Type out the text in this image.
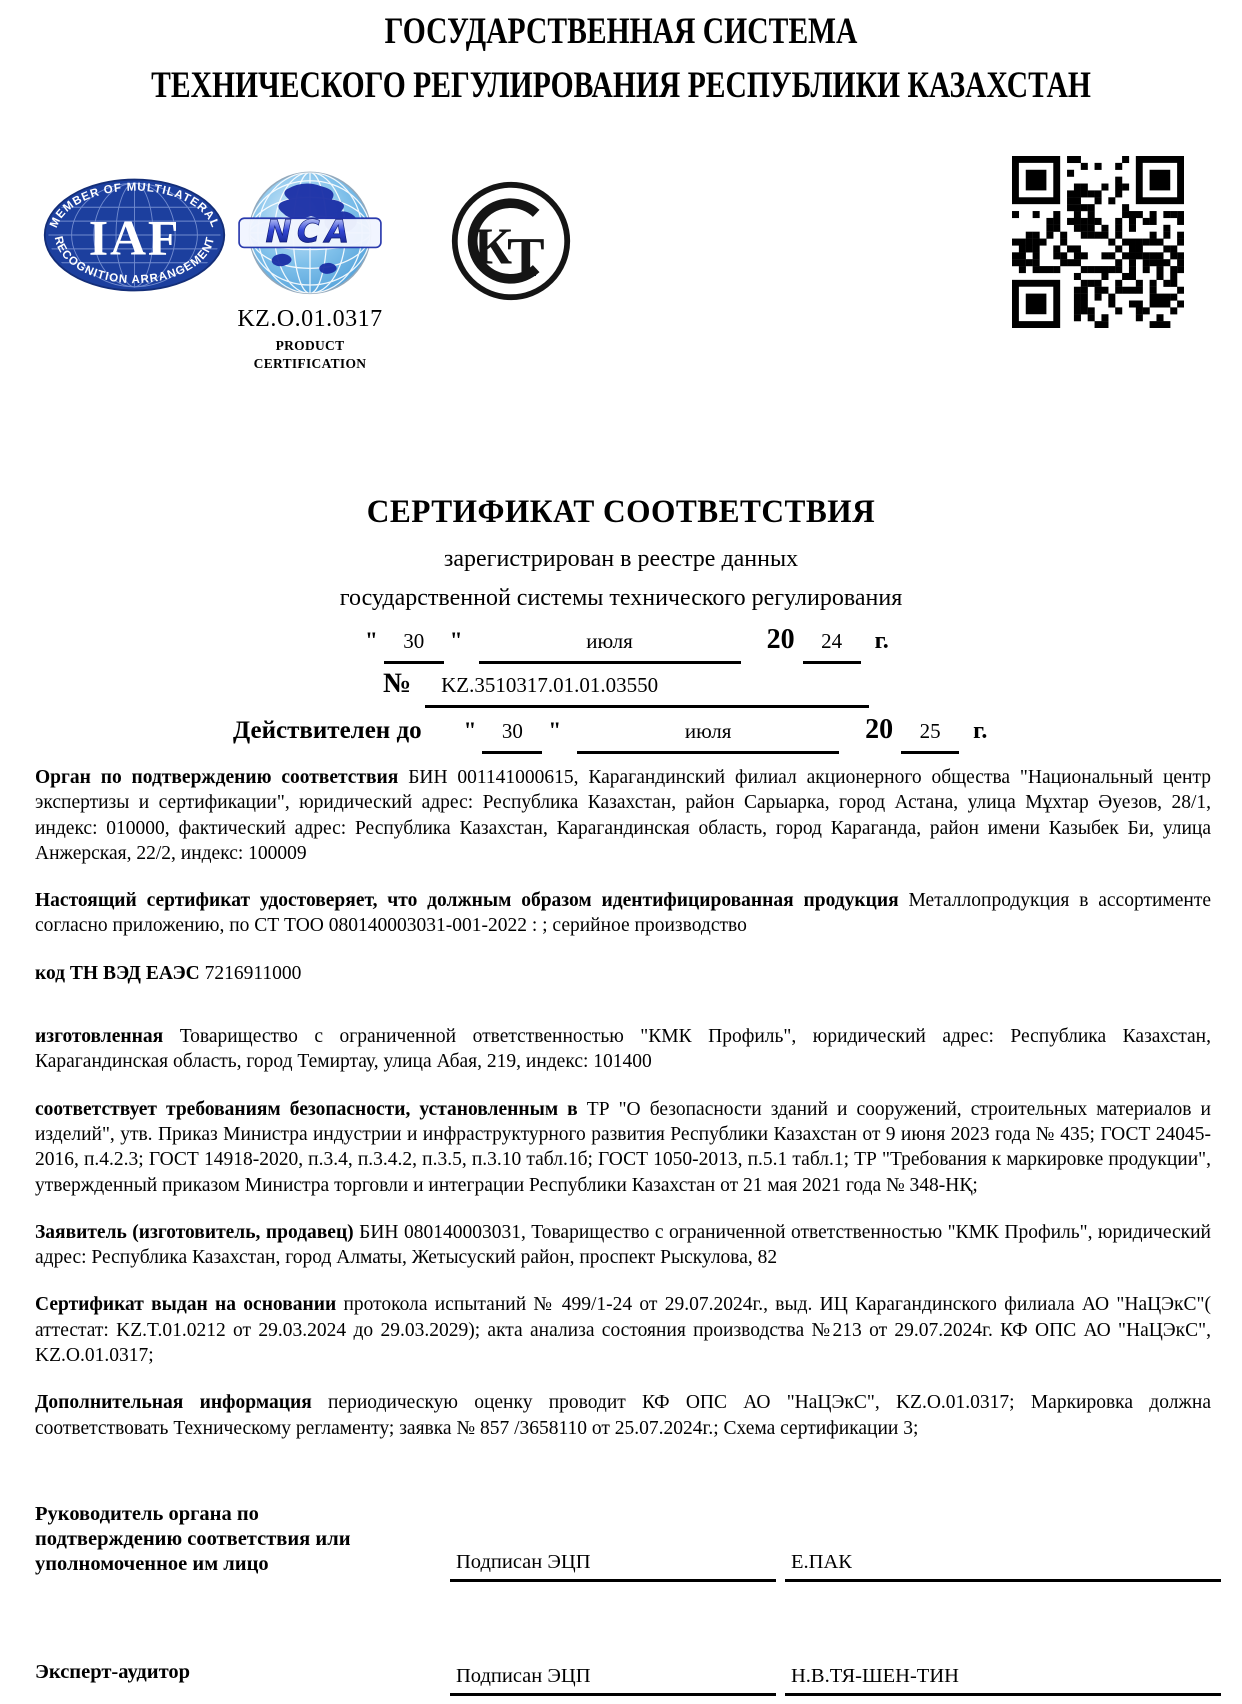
ГОСУДАРСТВЕННАЯ СИСТЕМА
ТЕХНИЧЕСКОГО РЕГУЛИРОВАНИЯ РЕСПУБЛИКИ КАЗАХСТАН
IAF
MEMBER OF MULTILATERAL
RECOGNITION ARRANGEMENT NCA
KZ.O.01.0317
PRODUCT
CERTIFICATION
К
Т
СЕРТИФИКАТ СООТВЕТСТВИЯ
зарегистрирован в реестре данных
государственной системы технического регулирования
"	30	"	июля	20	24	г.
№	KZ.3510317.01.01.03550
Действителен до "	30	"	июля	20	25	г.

Орган по подтверждению соответствия БИН 001141000615, Карагандинский филиал акционерного общества "Национальный центр экспертизы и сертификации", юридический адрес: Республика Казахстан, район Сарыарка, город Астана, улица Мұхтар Әуезов, 28/1, индекс: 010000, фактический адрес: Республика Казахстан, Карагандинская область, город Караганда, район имени Казыбек Би, улица Анжерская, 22/2, индекс: 100009

Настоящий сертификат удостоверяет, что должным образом идентифицированная продукция Металлопродукция в ассортименте согласно приложению, по СТ ТОО 080140003031-001-2022 : ; серийное производство

код ТН ВЭД ЕАЭС 7216911000

изготовленная Товарищество с ограниченной ответственностью "КМК Профиль", юридический адрес: Республика Казахстан, Карагандинская область, город Темиртау, улица Абая, 219, индекс: 101400

соответствует требованиям безопасности, установленным в ТР "О безопасности зданий и сооружений, строительных материалов и изделий", утв. Приказ Министра индустрии и инфраструктурного развития Республики Казахстан от 9 июня 2023 года № 435; ГОСТ 24045-2016, п.4.2.3; ГОСТ 14918-2020, п.3.4, п.3.4.2, п.3.5, п.3.10 табл.1б; ГОСТ 1050-2013, п.5.1 табл.1; ТР "Требования к маркировке продукции", утвержденный приказом Министра торговли и интеграции Республики Казахстан от 21 мая 2021 года № 348-НҚ;

Заявитель (изготовитель, продавец) БИН 080140003031, Товарищество с ограниченной ответственностью "КМК Профиль", юридический адрес: Республика Казахстан, город Алматы, Жетысуский район, проспект Рыскулова, 82

Сертификат выдан на основании протокола испытаний № 499/1-24 от 29.07.2024г., выд. ИЦ Карагандинского филиала АО "НаЦЭкС"( аттестат: KZ.T.01.0212 от 29.03.2024 до 29.03.2029); акта анализа состояния производства №213 от 29.07.2024г. КФ ОПС АО "НаЦЭкС", KZ.O.01.0317;

Дополнительная информация периодическую оценку проводит КФ ОПС АО "НаЦЭкС", KZ.O.01.0317; Маркировка должна соответствовать Техническому регламенту; заявка № 857 /3658110 от 25.07.2024г.; Схема сертификации 3;

Руководитель органа по подтверждению соответствия или уполномоченное им лицо	Подписан ЭЦП	Е.ПАК
Эксперт-аудитор	Подписан ЭЦП	Н.В.ТЯ-ШЕН-ТИН
